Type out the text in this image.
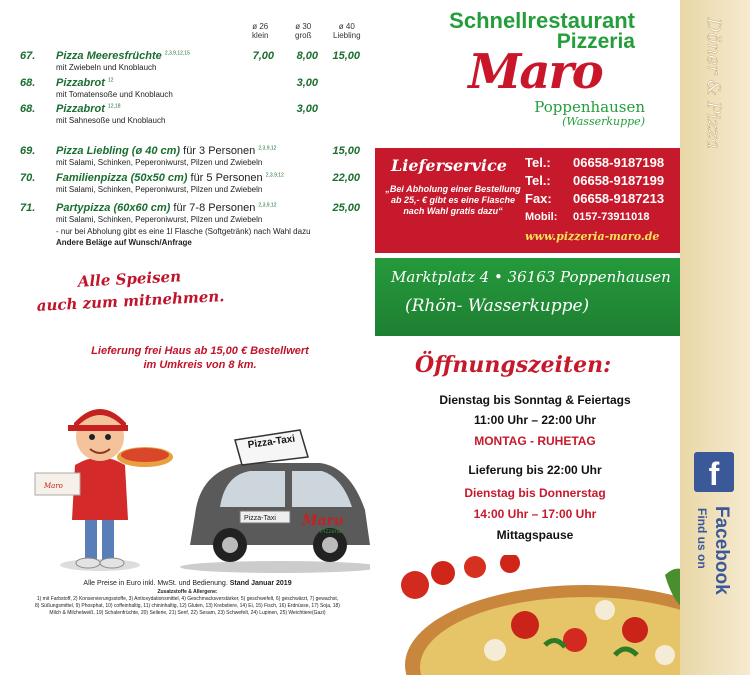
ø 26
klein
ø 30
groß
ø 40
Liebling
67. Pizza Meeresfrüchte $^{2,3,9,12,15}$
mit Zwiebeln und Knoblauch
7,00	8,00	15,00
68. Pizzabrot $^{12}$
mit Tomatensoße und Knoblauch
3,00
68. Pizzabrot $^{12,18}$
mit Sahnesoße und Knoblauch
3,00
69. Pizza Liebling (ø 40 cm) für 3 Personen $^{2,3,9,12}$
mit Salami, Schinken, Peperoniwurst, Pilzen und Zwiebeln
15,00
70. Familienpizza (50x50 cm) für 5 Personen $^{2,3,9,12}$
mit Salami, Schinken, Peperoniwurst, Pilzen und Zwiebeln
22,00
71. Partypizza (60x60 cm) für 7-8 Personen $^{2,3,9,12}$
mit Salami, Schinken, Peperoniwurst, Pilzen und Zwiebeln
25,00
- nur bei Abholung gibt es eine 1l Flasche (Softgetränk) nach Wahl dazu
Andere Beläge auf Wunsch/Anfrage
Alle Speisen
auch zum mitnehmen.
Lieferung frei Haus ab 15,00 € Bestellwert
im Umkreis von 8 km.
Maro
Pizza-Taxi Maro
Pizzeria
Pizza-Taxi
Alle Preise in Euro inkl. MwSt. und Bedienung. Stand Januar 2019
Zusatzstoffe & Allergene:
1) mit Farbstoff, 2) Konservierungsstoffe, 3) Antioxydationsmittel, 4) Geschmacksverstärker, 5) geschwefelt, 6) geschwärzt, 7) gewachst, 8) Süßungsmittel, 9) Phosphat, 10) coffeinhaltig, 11) chininhaltig, 12) Gluten, 13) Krebstiere, 14) Ei, 15) Fisch, 16) Erdnüsse, 17) Soja, 18) Milch & Milchelweiß, 19) Schalenfrüchte, 20) Sellerie, 21) Senf, 22) Sesam, 23) Schwefelt, 24) Lupinen, 25) Weichtiere(Gazi)
Schnellrestaurant
Pizzeria
Maro
Poppenhausen
(Wasserkuppe)
Lieferservice
„Bei Abholung einer Bestellung ab 25,- € gibt es eine Flasche nach Wahl gratis dazu“
Tel.: 06658-9187198
Tel.: 06658-9187199
Fax: 06658-9187213
Mobil: 0157-73911018
www.pizzeria-maro.de
Marktplatz 4 • 36163 Poppenhausen
(Rhön- Wasserkuppe)
Öffnungszeiten:
Dienstag bis Sonntag & Feiertags
11:00 Uhr – 22:00 Uhr
MONTAG - RUHETAG
Lieferung bis 22:00 Uhr
Dienstag bis Donnerstag
14:00 Uhr – 17:00 Uhr
Mittagspause
Döner & Pizza
f
Find us on Facebook
